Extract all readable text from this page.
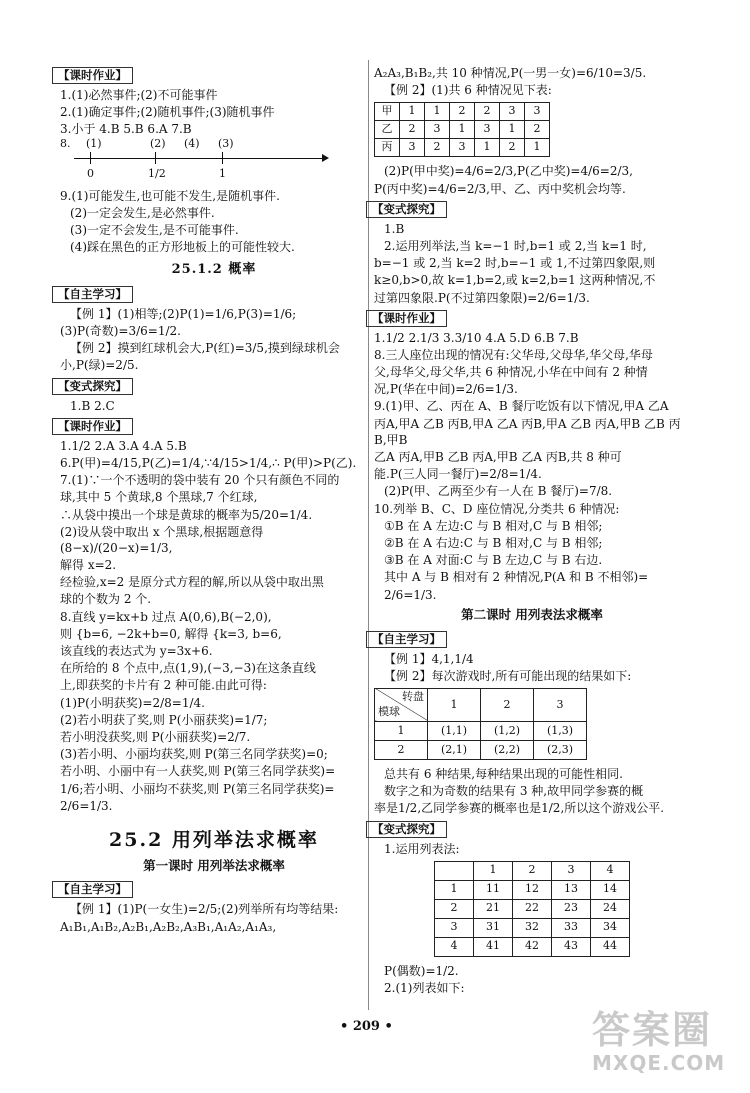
【 课时作业 】
1.(1)必然事件;(2)不可能事件
2.(1)确定事件;(2)随机事件;(3)随机事件
3.小于 4.B 5.B 6.A 7.B
8. (1)	(2) (4) (3)
0	1/2	1
9.(1)可能发生,也可能不发生,是随机事件.
(2)一定会发生,是必然事件.
(3)一定不会发生,是不可能事件.
(4)踩在黑色的正方形地板上的可能性较大.
25.1.2 概率
【 自主学习 】
【例 1】(1)相等;(2)P(1)=1/6,P(3)=1/6;
(3)P(奇数)=3/6=1/2.
【例 2】摸到红球机会大,P(红)=3/5,摸到绿球机会
小,P(绿)=2/5.
【 变式探究 】
1.B 2.C
【 课时作业 】
1.1/2 2.A 3.A 4.A 5.B
6.P(甲)=4/15,P(乙)=1/4,∵4/15>1/4,∴ P(甲)>P(乙).
7.(1)∵一个不透明的袋中装有 20 个只有颜色不同的
球,其中 5 个黄球,8 个黑球,7 个红球,
∴从袋中摸出一个球是黄球的概率为5/20=1/4.
(2)设从袋中取出 x 个黑球,根据题意得(8−x)/(20−x)=1/3,
解得 x=2.
经检验,x=2 是原分式方程的解,所以从袋中取出黑
球的个数为 2 个.
8.直线 y=kx+b 过点 A(0,6),B(−2,0),
则 {b=6, −2k+b=0, 解得 {k=3, b=6,
该直线的表达式为 y=3x+6.
在所给的 8 个点中,点(1,9),(−3,−3)在这条直线
上,即获奖的卡片有 2 种可能.由此可得:
(1)P(小明获奖)=2/8=1/4.
(2)若小明获了奖,则 P(小丽获奖)=1/7;
若小明没获奖,则 P(小丽获奖)=2/7.
(3)若小明、小丽均获奖,则 P(第三名同学获奖)=0;
若小明、小丽中有一人获奖,则 P(第三名同学获奖)=
1/6;若小明、小丽均不获奖,则 P(第三名同学获奖)=
2/6=1/3.
25.2 用列举法求概率
第一课时 用列举法求概率
【 自主学习 】
【例 1】(1)P(一女生)=2/5;(2)列举所有均等结果:
A₁B₁,A₁B₂,A₂B₁,A₂B₂,A₃B₁,A₁A₂,A₁A₃,
A₂A₃,B₁B₂,共 10 种情况,P(一男一女)=6/10=3/5.
【例 2】(1)共 6 种情况见下表:
甲	1	1	2	2	3	3
乙	2	3	1	3	1	2
丙	3	2	3	1	2	1
(2)P(甲中奖)=4/6=2/3,P(乙中奖)=4/6=2/3,
P(丙中奖)=4/6=2/3,甲、乙、丙中奖机会均等.
【 变式探究 】
1.B
2.运用列举法,当 k=−1 时,b=1 或 2,当 k=1 时,
b=−1 或 2,当 k=2 时,b=−1 或 1,不过第四象限,则
k≥0,b>0,故 k=1,b=2,或 k=2,b=1 这两种情况,不
过第四象限.P(不过第四象限)=2/6=1/3.
【 课时作业 】
1.1/2 2.1/3 3.3/10 4.A 5.D 6.B 7.B
8.三人座位出现的情况有:父华母,父母华,华父母,华母
父,母华父,母父华,共 6 种情况,小华在中间有 2 种情
况,P(华在中间)=2/6=1/3.
9.(1)甲、乙、丙在 A、B 餐厅吃饭有以下情况,甲A 乙A
丙A,甲A 乙B 丙B,甲A 乙A 丙B,甲A 乙B 丙A,甲B 乙B 丙B,甲B
乙A 丙A,甲B 乙B 丙A,甲B 乙A 丙B,共 8 种可
能.P(三人同一餐厅)=2/8=1/4.
(2)P(甲、乙两至少有一人在 B 餐厅)=7/8.
10.列举 B、C、D 座位情况,分类共 6 种情况:
①B 在 A 左边:C 与 B 相对,C 与 B 相邻;
②B 在 A 右边:C 与 B 相对,C 与 B 相邻;
③B 在 A 对面:C 与 B 左边,C 与 B 右边.
其中 A 与 B 相对有 2 种情况,P(A 和 B 不相邻)=
2/6=1/3.
第二课时 用列表法求概率
【 自主学习 】
【例 1】4,1,1/4
【例 2】每次游戏时,所有可能出现的结果如下:
转盘
模球	1	2	3
1	(1,1)	(1,2)	(1,3)
2	(2,1)	(2,2)	(2,3)
总共有 6 种结果,每种结果出现的可能性相同.
数字之和为奇数的结果有 3 种,故甲同学参赛的概
率是1/2,乙同学参赛的概率也是1/2,所以这个游戏公平.
【 变式探究 】
1.运用列表法:
	1	2	3	4
1	11	12	13	14
2	21	22	23	24
3	31	32	33	34
4	41	42	43	44
P(偶数)=1/2.
2.(1)列表如下:
• 209 •	答案圈
MXQE.COM
